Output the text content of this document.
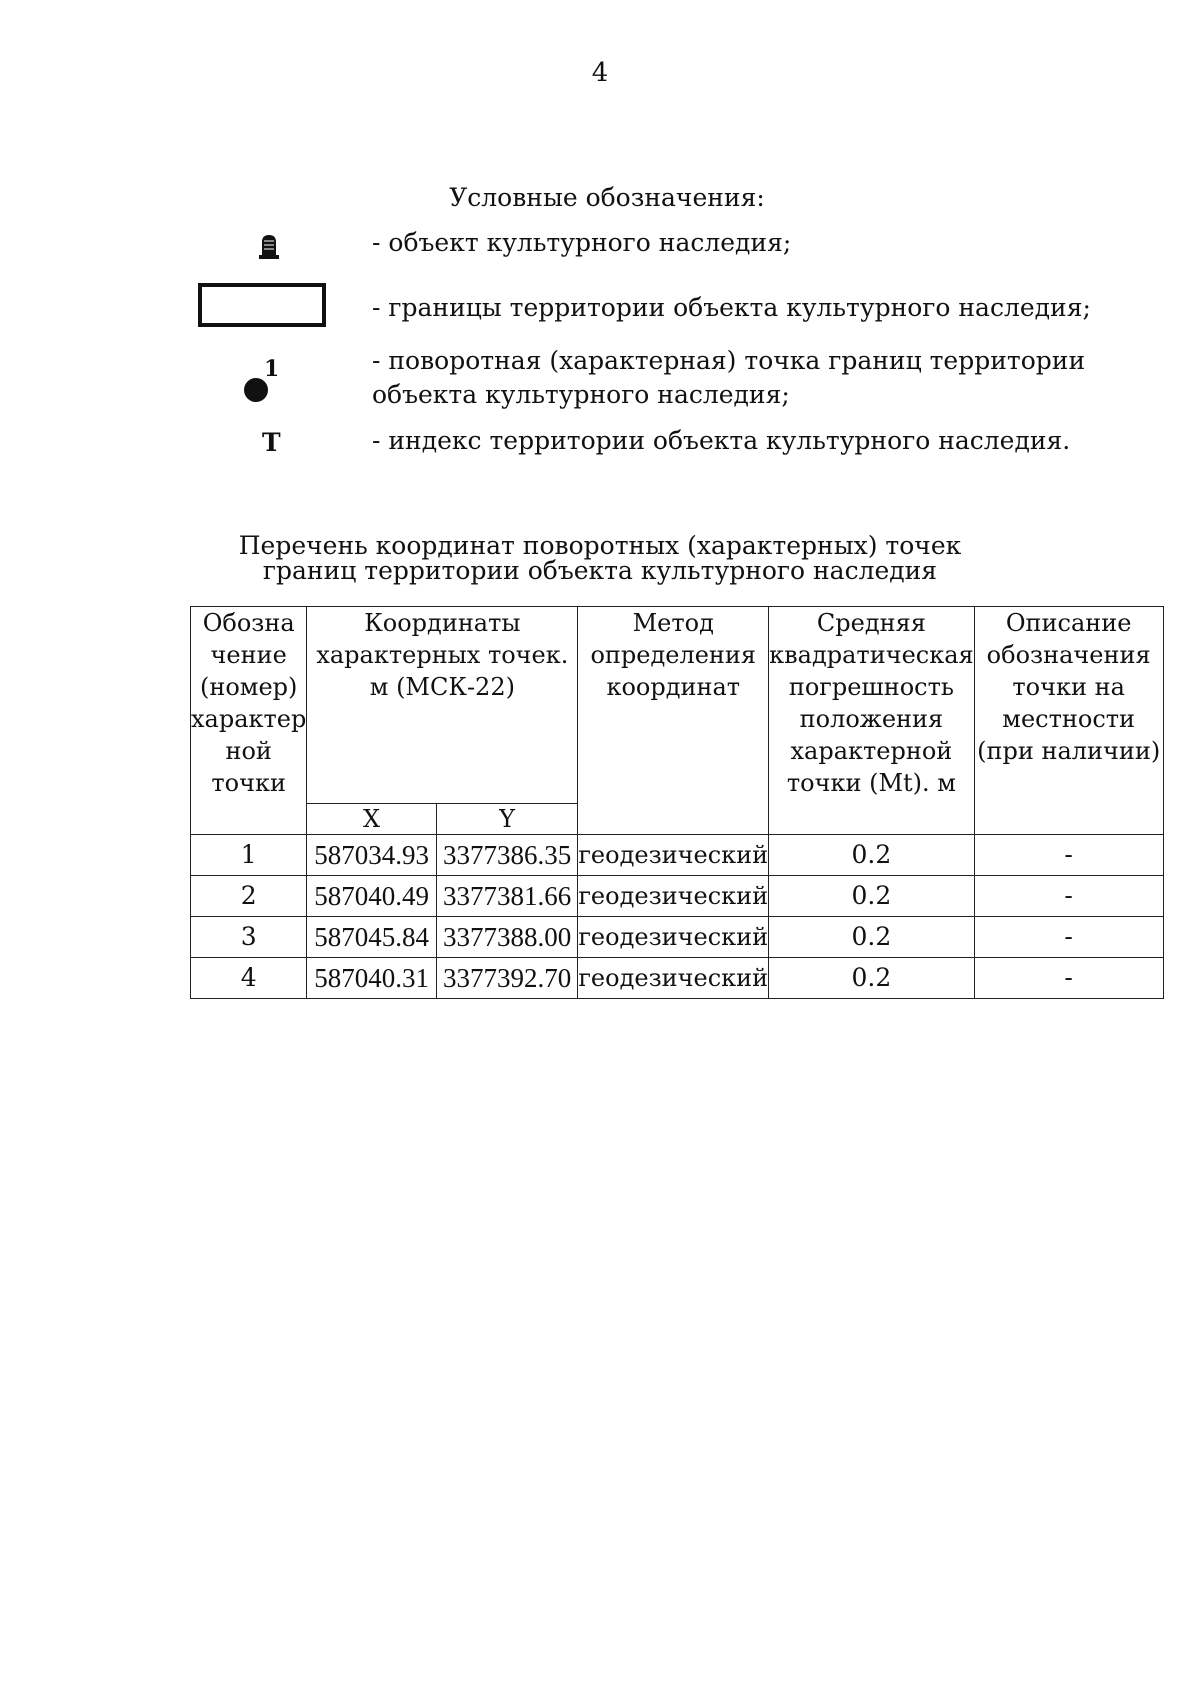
4
Условные обозначения:
- объект культурного наследия;
- границы территории объекта культурного наследия;
1	- поворотная (характерная) точка границ территории объекта культурного наследия;
Т	- индекс территории объекта культурного наследия.
Перечень координат поворотных (характерных) точек
границ территории объекта культурного наследия
Обозна чение (номер) характер ной точки	Координаты характерных точек. м (МСК-22)		Метод определения координат	Средняя квадратическая погрешность положения характерной точки (Mt). м	Описание обозначения точки на местности (при наличии)
	X	Y			
1	587034.93	3377386.35	геодезический	0.2	-
2	587040.49	3377381.66	геодезический	0.2	-
3	587045.84	3377388.00	геодезический	0.2	-
4	587040.31	3377392.70	геодезический	0.2	-
